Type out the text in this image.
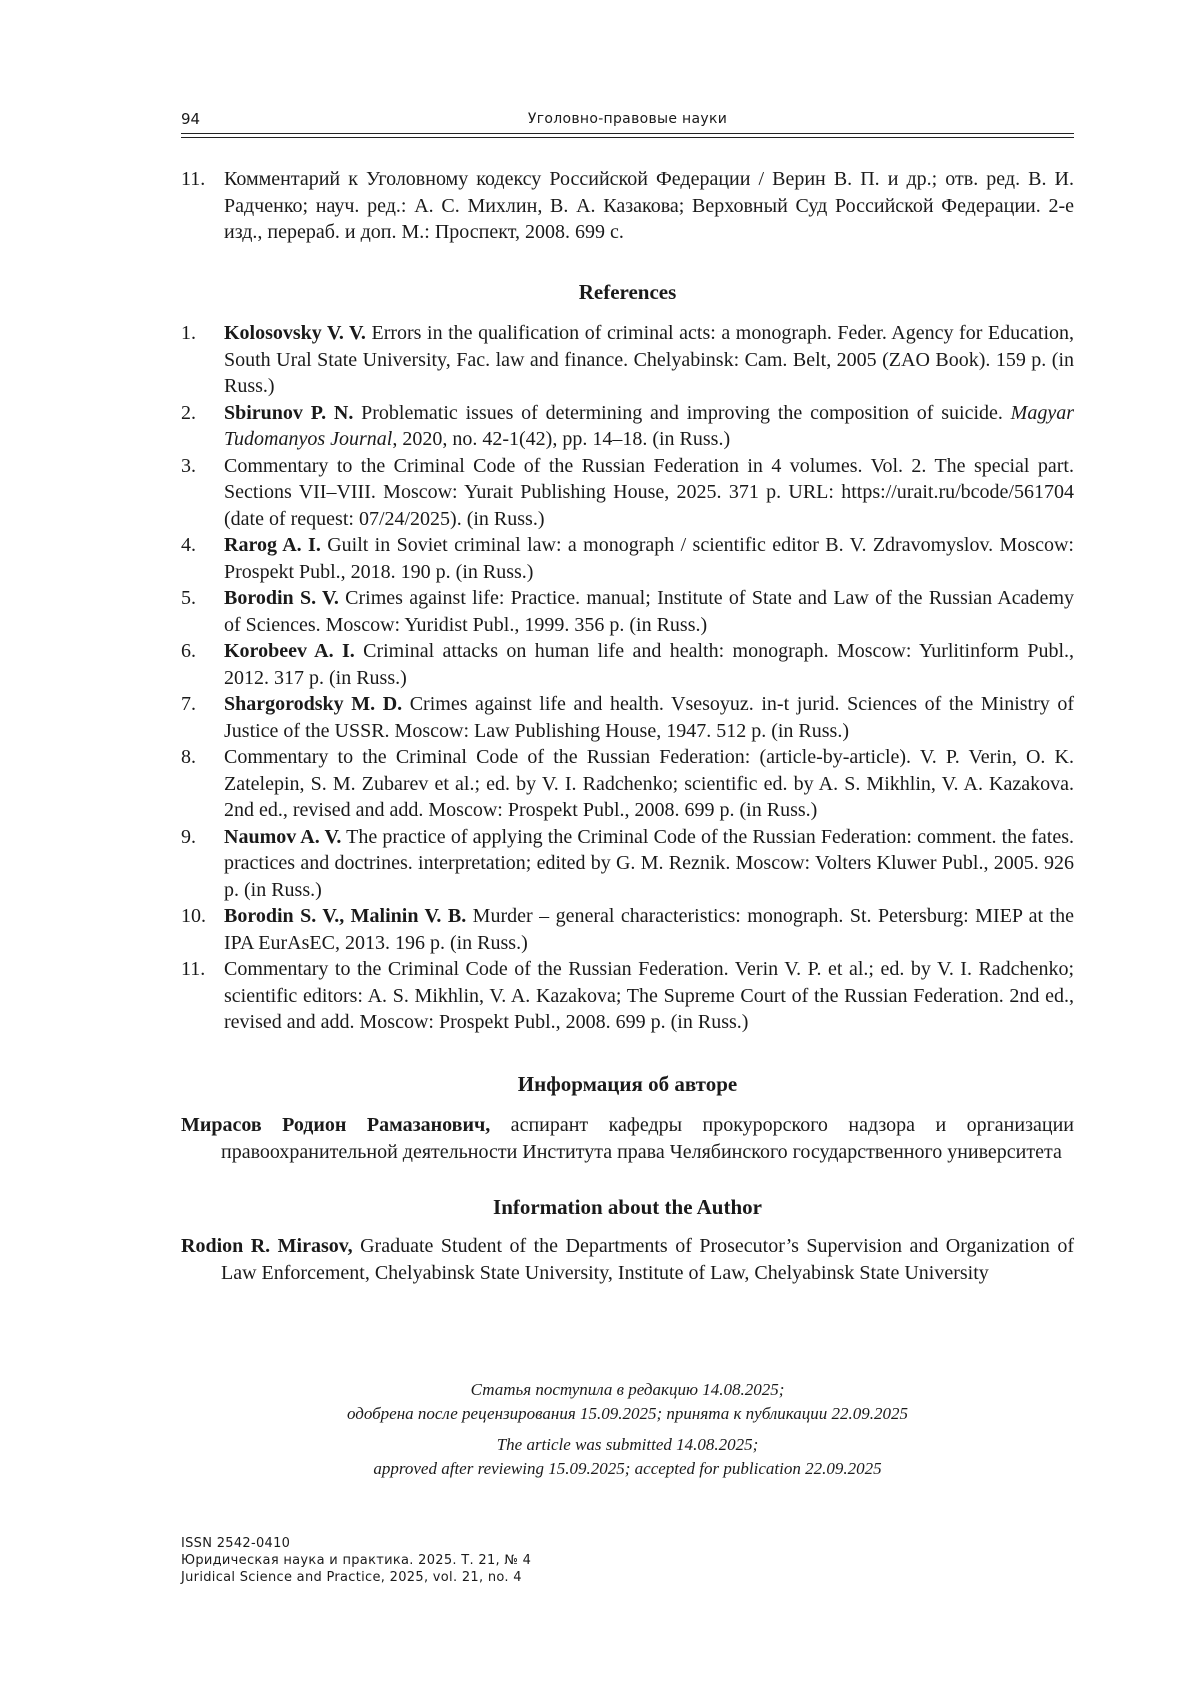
94	Уголовно-правовые науки
11. Комментарий к Уголовному кодексу Российской Федерации / Верин В. П. и др.; отв. ред. В. И. Радченко; науч. ред.: А. С. Михлин, В. А. Казакова; Верховный Суд Российской Федерации. 2-е изд., перераб. и доп. М.: Проспект, 2008. 699 с.
References
1. Kolosovsky V. V. Errors in the qualification of criminal acts: a monograph. Feder. Agency for Education, South Ural State University, Fac. law and finance. Chelyabinsk: Cam. Belt, 2005 (ZAO Book). 159 p. (in Russ.)
2. Sbirunov P. N. Problematic issues of determining and improving the composition of suicide. Magyar Tudomanyos Journal, 2020, no. 42-1(42), pp. 14–18. (in Russ.)
3. Commentary to the Criminal Code of the Russian Federation in 4 volumes. Vol. 2. The special part. Sections VII–VIII. Moscow: Yurait Publishing House, 2025. 371 p. URL: https://urait.ru/bcode/561704 (date of request: 07/24/2025). (in Russ.)
4. Rarog A. I. Guilt in Soviet criminal law: a monograph / scientific editor B. V. Zdravomyslov. Moscow: Prospekt Publ., 2018. 190 p. (in Russ.)
5. Borodin S. V. Crimes against life: Practice. manual; Institute of State and Law of the Russian Academy of Sciences. Moscow: Yuridist Publ., 1999. 356 p. (in Russ.)
6. Korobeev A. I. Criminal attacks on human life and health: monograph. Moscow: Yurlitinform Publ., 2012. 317 p. (in Russ.)
7. Shargorodsky M. D. Crimes against life and health. Vsesoyuz. in-t jurid. Sciences of the Ministry of Justice of the USSR. Moscow: Law Publishing House, 1947. 512 p. (in Russ.)
8. Commentary to the Criminal Code of the Russian Federation: (article-by-article). V. P. Verin, O. K. Zatelepin, S. M. Zubarev et al.; ed. by V. I. Radchenko; scientific ed. by A. S. Mikhlin, V. A. Kazakova. 2nd ed., revised and add. Moscow: Prospekt Publ., 2008. 699 p. (in Russ.)
9. Naumov A. V. The practice of applying the Criminal Code of the Russian Federation: comment. the fates. practices and doctrines. interpretation; edited by G. M. Reznik. Moscow: Volters Kluwer Publ., 2005. 926 p. (in Russ.)
10. Borodin S. V., Malinin V. B. Murder – general characteristics: monograph. St. Petersburg: MIEP at the IPA EurAsEC, 2013. 196 p. (in Russ.)
11. Commentary to the Criminal Code of the Russian Federation. Verin V. P. et al.; ed. by V. I. Radchenko; scientific editors: A. S. Mikhlin, V. A. Kazakova; The Supreme Court of the Russian Federation. 2nd ed., revised and add. Moscow: Prospekt Publ., 2008. 699 p. (in Russ.)
Информация об авторе
Мирасов Родион Рамазанович, аспирант кафедры прокурорского надзора и организации правоохранительной деятельности Института права Челябинского государственного университета
Information about the Author
Rodion R. Mirasov, Graduate Student of the Departments of Prosecutor’s Supervision and Organization of Law Enforcement, Chelyabinsk State University, Institute of Law, Chelyabinsk State University
Статья поступила в редакцию 14.08.2025;
одобрена после рецензирования 15.09.2025; принята к публикации 22.09.2025
The article was submitted 14.08.2025;
approved after reviewing 15.09.2025; accepted for publication 22.09.2025
ISSN 2542-0410
Юридическая наука и практика. 2025. Т. 21, № 4
Juridical Science and Practice, 2025, vol. 21, no. 4
